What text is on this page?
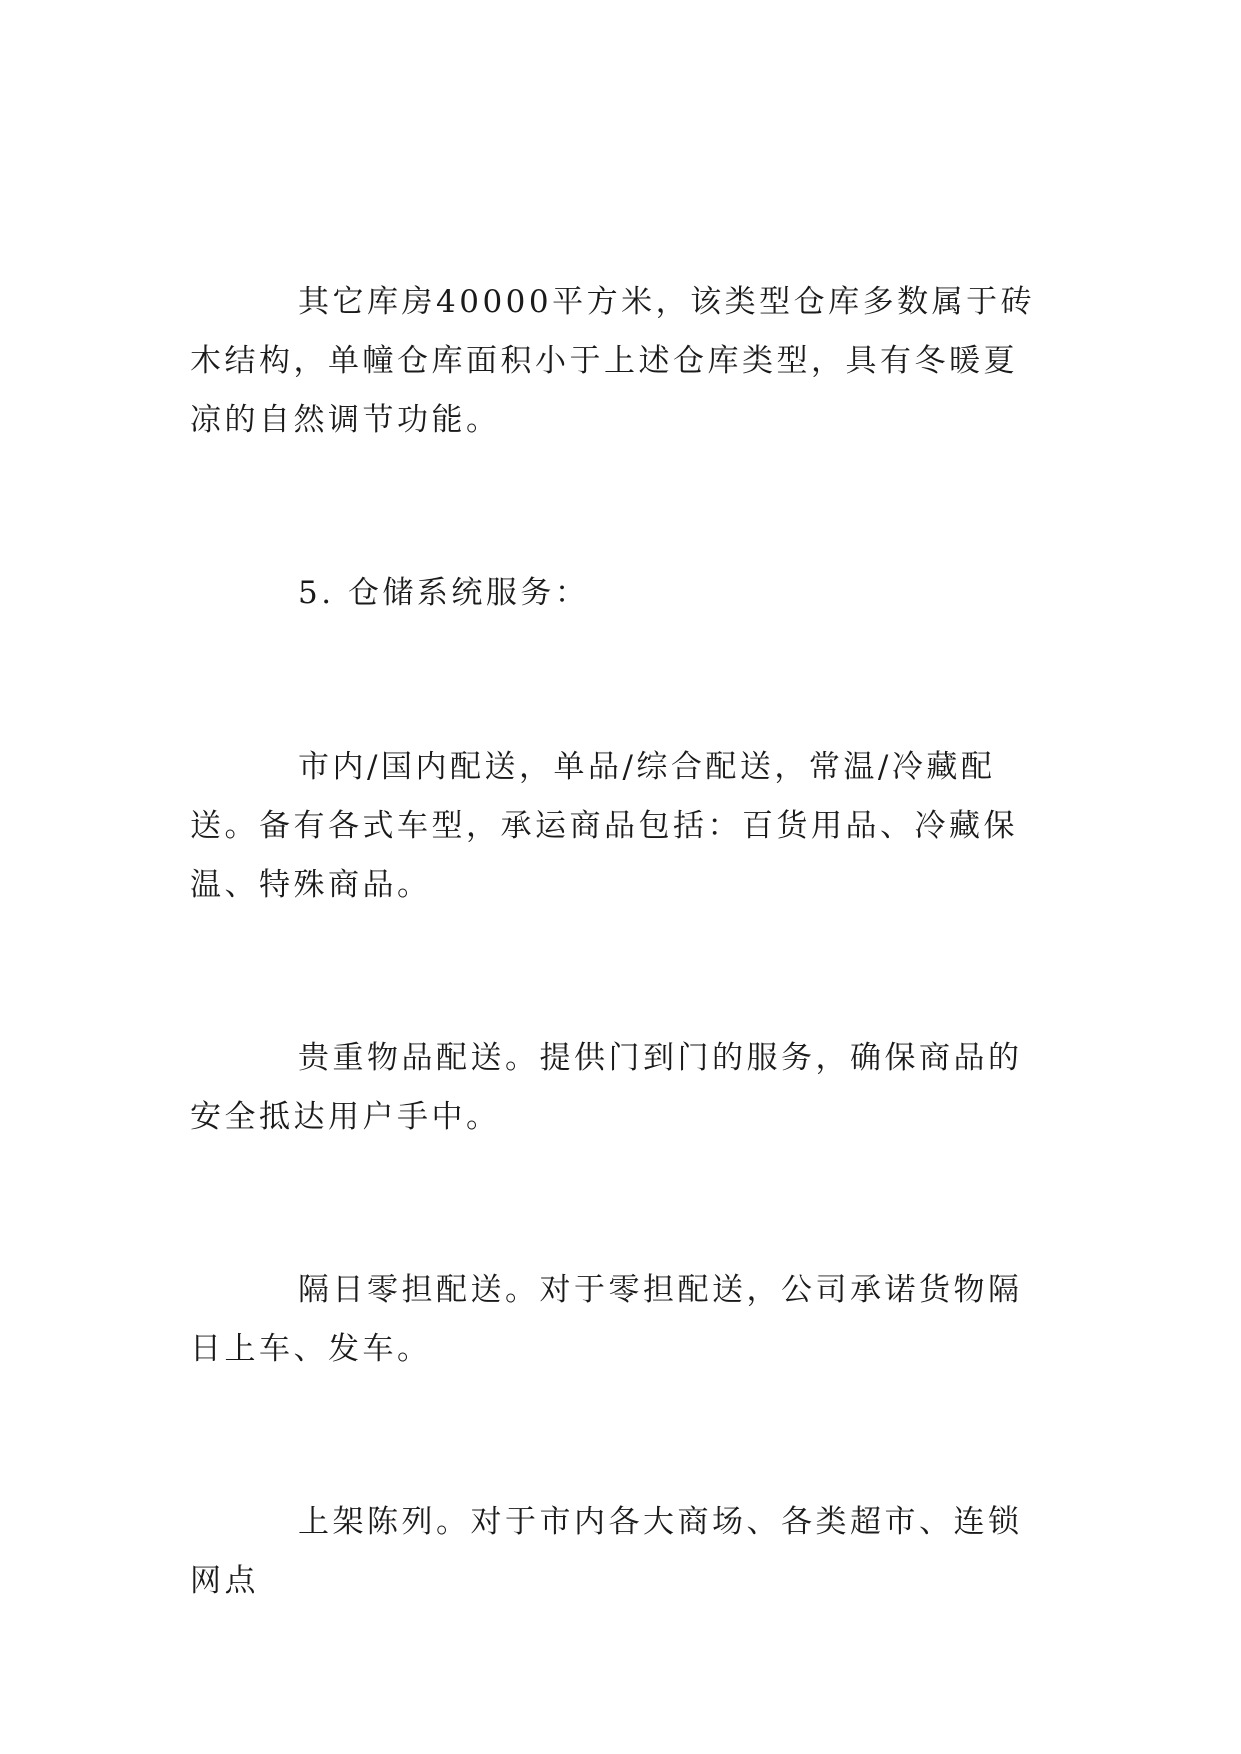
其它库房40000平方米，该类型仓库多数属于砖木结构，单幢仓库面积小于上述仓库类型，具有冬暖夏凉的自然调节功能。

5. 仓储系统服务：

市内/国内配送，单品/综合配送，常温/冷藏配送。备有各式车型，承运商品包括：百货用品、冷藏保温、特殊商品。

贵重物品配送。提供门到门的服务，确保商品的安全抵达用户手中。

隔日零担配送。对于零担配送，公司承诺货物隔日上车、发车。

上架陈列。对于市内各大商场、各类超市、连锁网点
